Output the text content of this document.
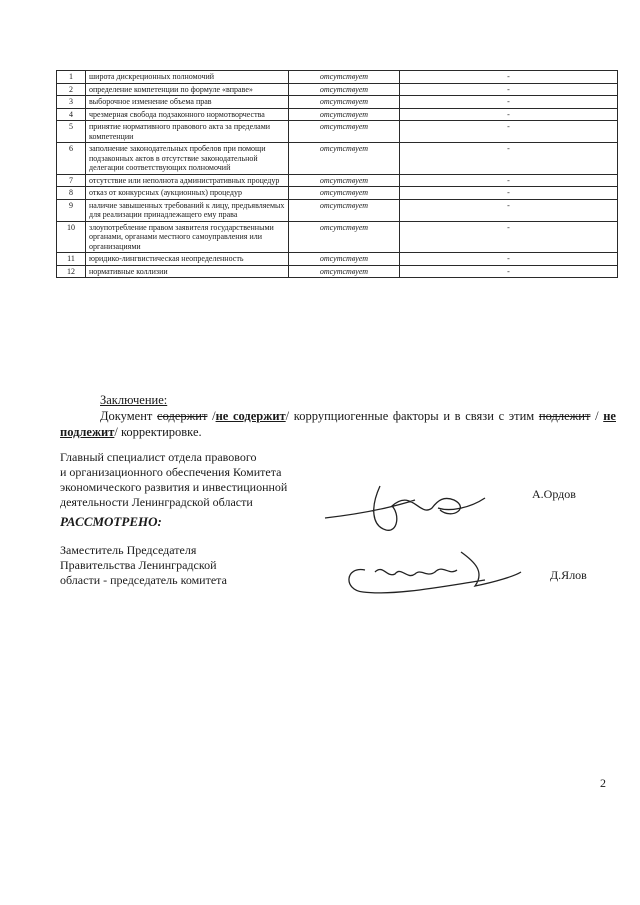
1	широта дискреционных полномочий	отсутствует	-
2	определение компетенции по формуле «вправе»	отсутствует	-
3	выборочное изменение объема прав	отсутствует	-
4	чрезмерная свобода подзаконного нормотворчества	отсутствует	-
5	принятие нормативного правового акта за пределами компетенции	отсутствует	-
6	заполнение законодательных пробелов при помощи подзаконных актов в отсутствие законодательной делегации соответствующих полномочий	отсутствует	-
7	отсутствие или неполнота административных процедур	отсутствует	-
8	отказ от конкурсных (аукционных) процедур	отсутствует	-
9	наличие завышенных требований к лицу, предъявляемых для реализации принадлежащего ему права	отсутствует	-
10	злоупотребление правом заявителя государственными органами, органами местного самоуправления или организациями	отсутствует	-
11	юридико-лингвистическая неопределенность	отсутствует	-
12	нормативные коллизии	отсутствует	-
Заключение:
Документ содержит /не содержит/ коррупциогенные факторы и в связи с этим подлежит / не подлежит/ корректировке.
Главный специалист отдела правового
и организационного обеспечения Комитета
экономического развития и инвестиционной
деятельности Ленинградской области
А.Ордов
РАССМОТРЕНО:
Заместитель Председателя
Правительства Ленинградской
области - председатель комитета	Д.Ялов
2
